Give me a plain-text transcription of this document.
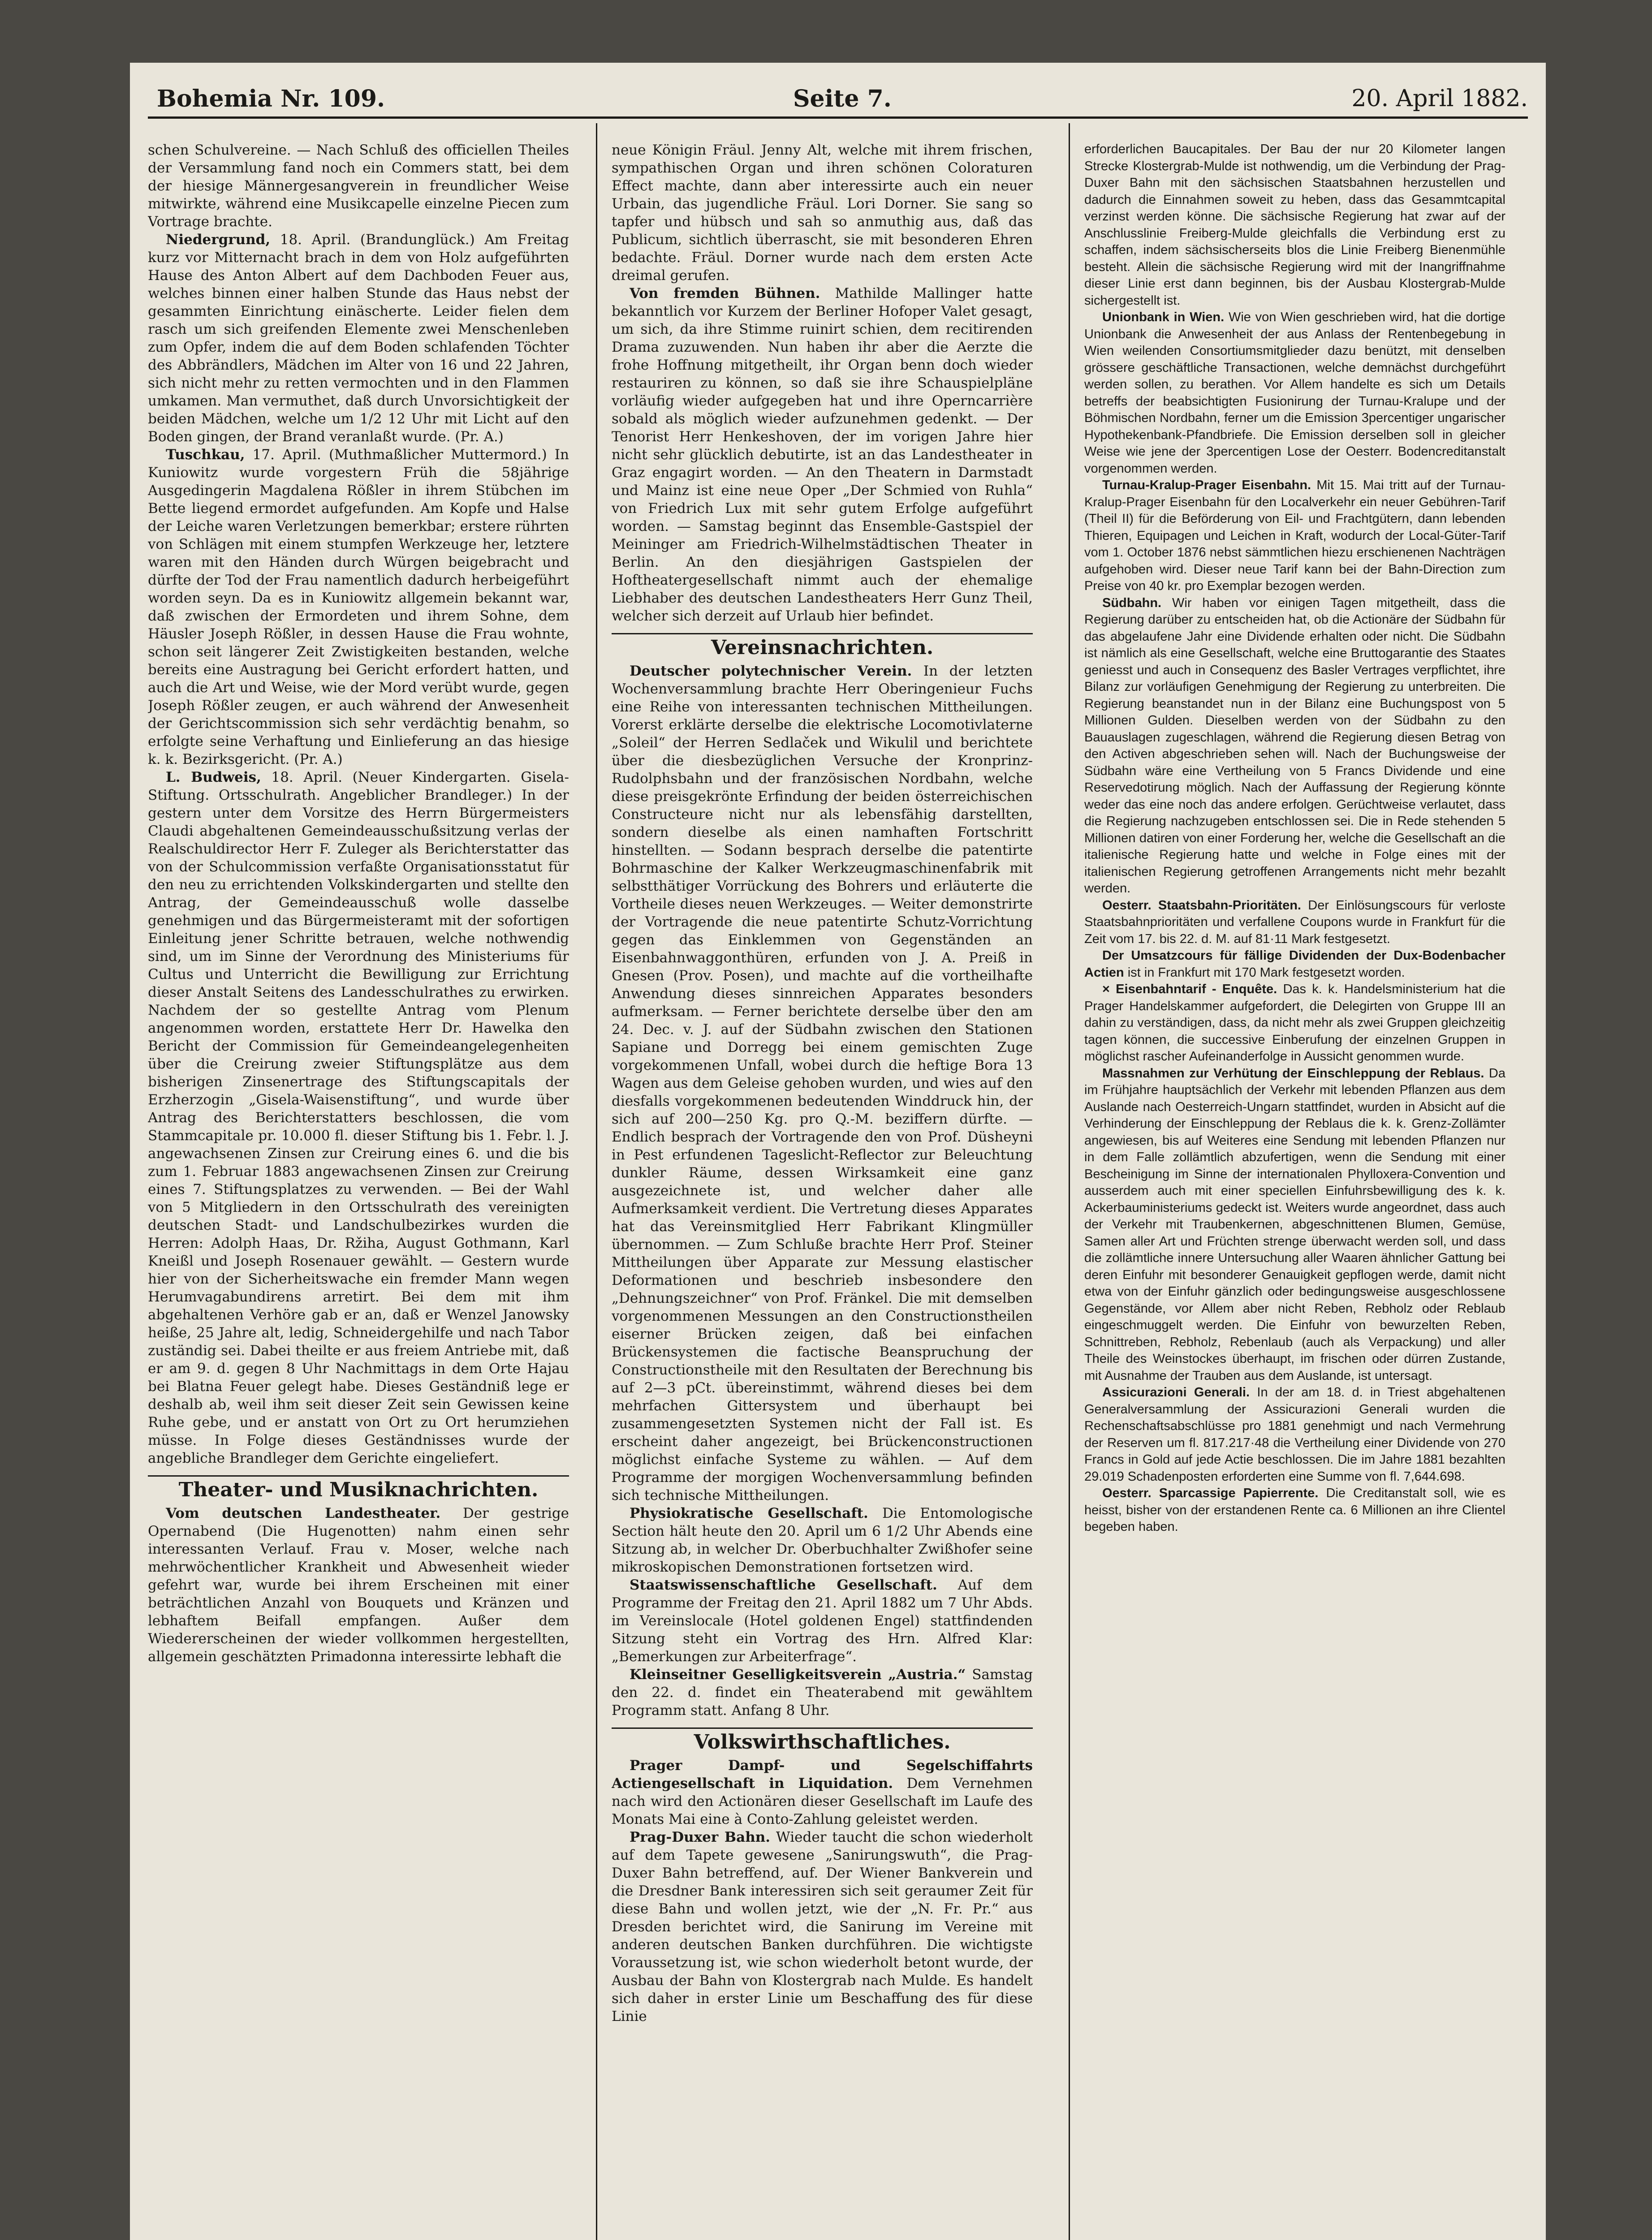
Bohemia Nr. 109.	Seite 7.	20. April 1882.

schen Schulvereine. — Nach Schluß des officiellen Theiles der Versammlung fand noch ein Commers statt, bei dem der hiesige Männergesangverein in freundlicher Weise mitwirkte, während eine Musikcapelle einzelne Piecen zum Vortrage brachte.

Niedergrund, 18. April. (Brandunglück.) Am Freitag kurz vor Mitternacht brach in dem von Holz aufgeführten Hause des Anton Albert auf dem Dachboden Feuer aus, welches binnen einer halben Stunde das Haus nebst der gesammten Einrichtung einäscherte. Leider fielen dem rasch um sich greifenden Elemente zwei Menschenleben zum Opfer, indem die auf dem Boden schlafenden Töchter des Abbrändlers, Mädchen im Alter von 16 und 22 Jahren, sich nicht mehr zu retten vermochten und in den Flammen umkamen. Man vermuthet, daß durch Unvorsichtigkeit der beiden Mädchen, welche um 1/2 12 Uhr mit Licht auf den Boden gingen, der Brand veranlaßt wurde. (Pr. A.)

Tuschkau, 17. April. (Muthmaßlicher Muttermord.) In Kuniowitz wurde vorgestern Früh die 58jährige Ausgedingerin Magdalena Rößler in ihrem Stübchen im Bette liegend ermordet aufgefunden. Am Kopfe und Halse der Leiche waren Verletzungen bemerkbar; erstere rührten von Schlägen mit einem stumpfen Werkzeuge her, letztere waren mit den Händen durch Würgen beigebracht und dürfte der Tod der Frau namentlich dadurch herbeigeführt worden seyn. Da es in Kuniowitz allgemein bekannt war, daß zwischen der Ermordeten und ihrem Sohne, dem Häusler Joseph Rößler, in dessen Hause die Frau wohnte, schon seit längerer Zeit Zwistigkeiten bestanden, welche bereits eine Austragung bei Gericht erfordert hatten, und auch die Art und Weise, wie der Mord verübt wurde, gegen Joseph Rößler zeugen, er auch während der Anwesenheit der Gerichtscommission sich sehr verdächtig benahm, so erfolgte seine Verhaftung und Einlieferung an das hiesige k. k. Bezirksgericht. (Pr. A.)

L. Budweis, 18. April. (Neuer Kindergarten. Gisela-Stiftung. Ortsschulrath. Angeblicher Brandleger.) In der gestern unter dem Vorsitze des Herrn Bürgermeisters Claudi abgehaltenen Gemeindeausschußsitzung verlas der Realschuldirector Herr F. Zuleger als Berichterstatter das von der Schulcommission verfaßte Organisationsstatut für den neu zu errichtenden Volkskindergarten und stellte den Antrag, der Gemeindeausschuß wolle dasselbe genehmigen und das Bürgermeisteramt mit der sofortigen Einleitung jener Schritte betrauen, welche nothwendig sind, um im Sinne der Verordnung des Ministeriums für Cultus und Unterricht die Bewilligung zur Errichtung dieser Anstalt Seitens des Landesschulrathes zu erwirken. Nachdem der so gestellte Antrag vom Plenum angenommen worden, erstattete Herr Dr. Hawelka den Bericht der Commission für Gemeindeangelegenheiten über die Creirung zweier Stiftungsplätze aus dem bisherigen Zinsenertrage des Stiftungscapitals der Erzherzogin „Gisela-Waisenstiftung“, und wurde über Antrag des Berichterstatters beschlossen, die vom Stammcapitale pr. 10.000 fl. dieser Stiftung bis 1. Febr. l. J. angewachsenen Zinsen zur Creirung eines 6. und die bis zum 1. Februar 1883 angewachsenen Zinsen zur Creirung eines 7. Stiftungsplatzes zu verwenden. — Bei der Wahl von 5 Mitgliedern in den Ortsschulrath des vereinigten deutschen Stadt- und Landschulbezirkes wurden die Herren: Adolph Haas, Dr. Ržiha, August Gothmann, Karl Kneißl und Joseph Rosenauer gewählt. — Gestern wurde hier von der Sicherheitswache ein fremder Mann wegen Herumvagabundirens arretirt. Bei dem mit ihm abgehaltenen Verhöre gab er an, daß er Wenzel Janowsky heiße, 25 Jahre alt, ledig, Schneidergehilfe und nach Tabor zuständig sei. Dabei theilte er aus freiem Antriebe mit, daß er am 9. d. gegen 8 Uhr Nachmittags in dem Orte Hajau bei Blatna Feuer gelegt habe. Dieses Geständniß lege er deshalb ab, weil ihm seit dieser Zeit sein Gewissen keine Ruhe gebe, und er anstatt von Ort zu Ort herumziehen müsse. In Folge dieses Geständnisses wurde der angebliche Brandleger dem Gerichte eingeliefert.

Theater- und Musiknachrichten.

Vom deutschen Landestheater. Der gestrige Opernabend (Die Hugenotten) nahm einen sehr interessanten Verlauf. Frau v. Moser, welche nach mehrwöchentlicher Krankheit und Abwesenheit wieder gefehrt war, wurde bei ihrem Erscheinen mit einer beträchtlichen Anzahl von Bouquets und Kränzen und lebhaftem Beifall empfangen. Außer dem Wiedererscheinen der wieder vollkommen hergestellten, allgemein geschätzten Primadonna interessirte lebhaft die

neue Königin Fräul. Jenny Alt, welche mit ihrem frischen, sympathischen Organ und ihren schönen Coloraturen Effect machte, dann aber interessirte auch ein neuer Urbain, das jugendliche Fräul. Lori Dorner. Sie sang so tapfer und hübsch und sah so anmuthig aus, daß das Publicum, sichtlich überrascht, sie mit besonderen Ehren bedachte. Fräul. Dorner wurde nach dem ersten Acte dreimal gerufen.

Von fremden Bühnen. Mathilde Mallinger hatte bekanntlich vor Kurzem der Berliner Hofoper Valet gesagt, um sich, da ihre Stimme ruinirt schien, dem recitirenden Drama zuzuwenden. Nun haben ihr aber die Aerzte die frohe Hoffnung mitgetheilt, ihr Organ benn doch wieder restauriren zu können, so daß sie ihre Schauspielpläne vorläufig wieder aufgegeben hat und ihre Operncarrière sobald als möglich wieder aufzunehmen gedenkt. — Der Tenorist Herr Henkeshoven, der im vorigen Jahre hier nicht sehr glücklich debutirte, ist an das Landestheater in Graz engagirt worden. — An den Theatern in Darmstadt und Mainz ist eine neue Oper „Der Schmied von Ruhla“ von Friedrich Lux mit sehr gutem Erfolge aufgeführt worden. — Samstag beginnt das Ensemble-Gastspiel der Meininger am Friedrich-Wilhelmstädtischen Theater in Berlin. An den diesjährigen Gastspielen der Hoftheatergesellschaft nimmt auch der ehemalige Liebhaber des deutschen Landestheaters Herr Gunz Theil, welcher sich derzeit auf Urlaub hier befindet.

Vereinsnachrichten.

Deutscher polytechnischer Verein. In der letzten Wochenversammlung brachte Herr Oberingenieur Fuchs eine Reihe von interessanten technischen Mittheilungen. Vorerst erklärte derselbe die elektrische Locomotivlaterne „Soleil“ der Herren Sedlaček und Wikulil und berichtete über die diesbezüglichen Versuche der Kronprinz-Rudolphsbahn und der französischen Nordbahn, welche diese preisgekrönte Erfindung der beiden österreichischen Constructeure nicht nur als lebensfähig darstellten, sondern dieselbe als einen namhaften Fortschritt hinstellten. — Sodann besprach derselbe die patentirte Bohrmaschine der Kalker Werkzeugmaschinenfabrik mit selbstthätiger Vorrückung des Bohrers und erläuterte die Vortheile dieses neuen Werkzeuges. — Weiter demonstrirte der Vortragende die neue patentirte Schutz-Vorrichtung gegen das Einklemmen von Gegenständen an Eisenbahnwaggonthüren, erfunden von J. A. Preiß in Gnesen (Prov. Posen), und machte auf die vortheilhafte Anwendung dieses sinnreichen Apparates besonders aufmerksam. — Ferner berichtete derselbe über den am 24. Dec. v. J. auf der Südbahn zwischen den Stationen Sapiane und Dorregg bei einem gemischten Zuge vorgekommenen Unfall, wobei durch die heftige Bora 13 Wagen aus dem Geleise gehoben wurden, und wies auf den diesfalls vorgekommenen bedeutenden Winddruck hin, der sich auf 200—250 Kg. pro Q.-M. beziffern dürfte. — Endlich besprach der Vortragende den von Prof. Düsheyni in Pest erfundenen Tageslicht-Reflector zur Beleuchtung dunkler Räume, dessen Wirksamkeit eine ganz ausgezeichnete ist, und welcher daher alle Aufmerksamkeit verdient. Die Vertretung dieses Apparates hat das Vereinsmitglied Herr Fabrikant Klingmüller übernommen. — Zum Schluße brachte Herr Prof. Steiner Mittheilungen über Apparate zur Messung elastischer Deformationen und beschrieb insbesondere den „Dehnungszeichner“ von Prof. Fränkel. Die mit demselben vorgenommenen Messungen an den Constructionstheilen eiserner Brücken zeigen, daß bei einfachen Brückensystemen die factische Beanspruchung der Constructionstheile mit den Resultaten der Berechnung bis auf 2—3 pCt. übereinstimmt, während dieses bei dem mehrfachen Gittersystem und überhaupt bei zusammengesetzten Systemen nicht der Fall ist. Es erscheint daher angezeigt, bei Brückenconstructionen möglichst einfache Systeme zu wählen. — Auf dem Programme der morgigen Wochenversammlung befinden sich technische Mittheilungen.

Physiokratische Gesellschaft. Die Entomologische Section hält heute den 20. April um 6 1/2 Uhr Abends eine Sitzung ab, in welcher Dr. Oberbuchhalter Zwißhofer seine mikroskopischen Demonstrationen fortsetzen wird.

Staatswissenschaftliche Gesellschaft. Auf dem Programme der Freitag den 21. April 1882 um 7 Uhr Abds. im Vereinslocale (Hotel goldenen Engel) stattfindenden Sitzung steht ein Vortrag des Hrn. Alfred Klar: „Bemerkungen zur Arbeiterfrage“.

Kleinseitner Geselligkeitsverein „Austria.“ Samstag den 22. d. findet ein Theaterabend mit gewähltem Programm statt. Anfang 8 Uhr.

Volkswirthschaftliches.

Prager Dampf- und Segelschiffahrts Actiengesellschaft in Liquidation. Dem Vernehmen nach wird den Actionären dieser Gesellschaft im Laufe des Monats Mai eine à Conto-Zahlung geleistet werden.

Prag-Duxer Bahn. Wieder taucht die schon wiederholt auf dem Tapete gewesene „Sanirungswuth“, die Prag-Duxer Bahn betreffend, auf. Der Wiener Bankverein und die Dresdner Bank interessiren sich seit geraumer Zeit für diese Bahn und wollen jetzt, wie der „N. Fr. Pr.“ aus Dresden berichtet wird, die Sanirung im Vereine mit anderen deutschen Banken durchführen. Die wichtigste Voraussetzung ist, wie schon wiederholt betont wurde, der Ausbau der Bahn von Klostergrab nach Mulde. Es handelt sich daher in erster Linie um Beschaffung des für diese Linie

erforderlichen Baucapitales. Der Bau der nur 20 Kilometer langen Strecke Klostergrab-Mulde ist nothwendig, um die Verbindung der Prag-Duxer Bahn mit den sächsischen Staatsbahnen herzustellen und dadurch die Einnahmen soweit zu heben, dass das Gesammtcapital verzinst werden könne. Die sächsische Regierung hat zwar auf der Anschlusslinie Freiberg-Mulde gleichfalls die Verbindung erst zu schaffen, indem sächsischerseits blos die Linie Freiberg Bienenmühle besteht. Allein die sächsische Regierung wird mit der Inangriffnahme dieser Linie erst dann beginnen, bis der Ausbau Klostergrab-Mulde sichergestellt ist.

Unionbank in Wien. Wie von Wien geschrieben wird, hat die dortige Unionbank die Anwesenheit der aus Anlass der Rentenbegebung in Wien weilenden Consortiumsmitglieder dazu benützt, mit denselben grössere geschäftliche Transactionen, welche demnächst durchgeführt werden sollen, zu berathen. Vor Allem handelte es sich um Details betreffs der beabsichtigten Fusionirung der Turnau-Kralupe und der Böhmischen Nordbahn, ferner um die Emission 3percentiger ungarischer Hypothekenbank-Pfandbriefe. Die Emission derselben soll in gleicher Weise wie jene der 3percentigen Lose der Oesterr. Bodencreditanstalt vorgenommen werden.

Turnau-Kralup-Prager Eisenbahn. Mit 15. Mai tritt auf der Turnau-Kralup-Prager Eisenbahn für den Localverkehr ein neuer Gebühren-Tarif (Theil II) für die Beförderung von Eil- und Frachtgütern, dann lebenden Thieren, Equipagen und Leichen in Kraft, wodurch der Local-Güter-Tarif vom 1. October 1876 nebst sämmtlichen hiezu erschienenen Nachträgen aufgehoben wird. Dieser neue Tarif kann bei der Bahn-Direction zum Preise von 40 kr. pro Exemplar bezogen werden.

Südbahn. Wir haben vor einigen Tagen mitgetheilt, dass die Regierung darüber zu entscheiden hat, ob die Actionäre der Südbahn für das abgelaufene Jahr eine Dividende erhalten oder nicht. Die Südbahn ist nämlich als eine Gesellschaft, welche eine Bruttogarantie des Staates geniesst und auch in Consequenz des Basler Vertrages verpflichtet, ihre Bilanz zur vorläufigen Genehmigung der Regierung zu unterbreiten. Die Regierung beanstandet nun in der Bilanz eine Buchungspost von 5 Millionen Gulden. Dieselben werden von der Südbahn zu den Bauauslagen zugeschlagen, während die Regierung diesen Betrag von den Activen abgeschrieben sehen will. Nach der Buchungsweise der Südbahn wäre eine Vertheilung von 5 Francs Dividende und eine Reservedotirung möglich. Nach der Auffassung der Regierung könnte weder das eine noch das andere erfolgen. Gerüchtweise verlautet, dass die Regierung nachzugeben entschlossen sei. Die in Rede stehenden 5 Millionen datiren von einer Forderung her, welche die Gesellschaft an die italienische Regierung hatte und welche in Folge eines mit der italienischen Regierung getroffenen Arrangements nicht mehr bezahlt werden.

Oesterr. Staatsbahn-Prioritäten. Der Einlösungscours für verloste Staatsbahnprioritäten und verfallene Coupons wurde in Frankfurt für die Zeit vom 17. bis 22. d. M. auf 81·11 Mark festgesetzt.

Der Umsatzcours für fällige Dividenden der Dux-Bodenbacher Actien ist in Frankfurt mit 170 Mark festgesetzt worden.

× Eisenbahntarif - Enquête. Das k. k. Handelsministerium hat die Prager Handelskammer aufgefordert, die Delegirten von Gruppe III an dahin zu verständigen, dass, da nicht mehr als zwei Gruppen gleichzeitig tagen können, die successive Einberufung der einzelnen Gruppen in möglichst rascher Aufeinanderfolge in Aussicht genommen wurde.

Massnahmen zur Verhütung der Einschleppung der Reblaus. Da im Frühjahre hauptsächlich der Verkehr mit lebenden Pflanzen aus dem Auslande nach Oesterreich-Ungarn stattfindet, wurden in Absicht auf die Verhinderung der Einschleppung der Reblaus die k. k. Grenz-Zollämter angewiesen, bis auf Weiteres eine Sendung mit lebenden Pflanzen nur in dem Falle zollämtlich abzufertigen, wenn die Sendung mit einer Bescheinigung im Sinne der internationalen Phylloxera-Convention und ausserdem auch mit einer speciellen Einfuhrsbewilligung des k. k. Ackerbauministeriums gedeckt ist. Weiters wurde angeordnet, dass auch der Verkehr mit Traubenkernen, abgeschnittenen Blumen, Gemüse, Samen aller Art und Früchten strenge überwacht werden soll, und dass die zollämtliche innere Untersuchung aller Waaren ähnlicher Gattung bei deren Einfuhr mit besonderer Genauigkeit gepflogen werde, damit nicht etwa von der Einfuhr gänzlich oder bedingungsweise ausgeschlossene Gegenstände, vor Allem aber nicht Reben, Rebholz oder Reblaub eingeschmuggelt werden. Die Einfuhr von bewurzelten Reben, Schnittreben, Rebholz, Rebenlaub (auch als Verpackung) und aller Theile des Weinstockes überhaupt, im frischen oder dürren Zustande, mit Ausnahme der Trauben aus dem Auslande, ist untersagt.

Assicurazioni Generali. In der am 18. d. in Triest abgehaltenen Generalversammlung der Assicurazioni Generali wurden die Rechenschaftsabschlüsse pro 1881 genehmigt und nach Vermehrung der Reserven um fl. 817.217·48 die Vertheilung einer Dividende von 270 Francs in Gold auf jede Actie beschlossen. Die im Jahre 1881 bezahlten 29.019 Schadenposten erforderten eine Summe von fl. 7,644.698.

Oesterr. Sparcassige Papierrente. Die Creditanstalt soll, wie es heisst, bisher von der erstandenen Rente ca. 6 Millionen an ihre Clientel begeben haben.
